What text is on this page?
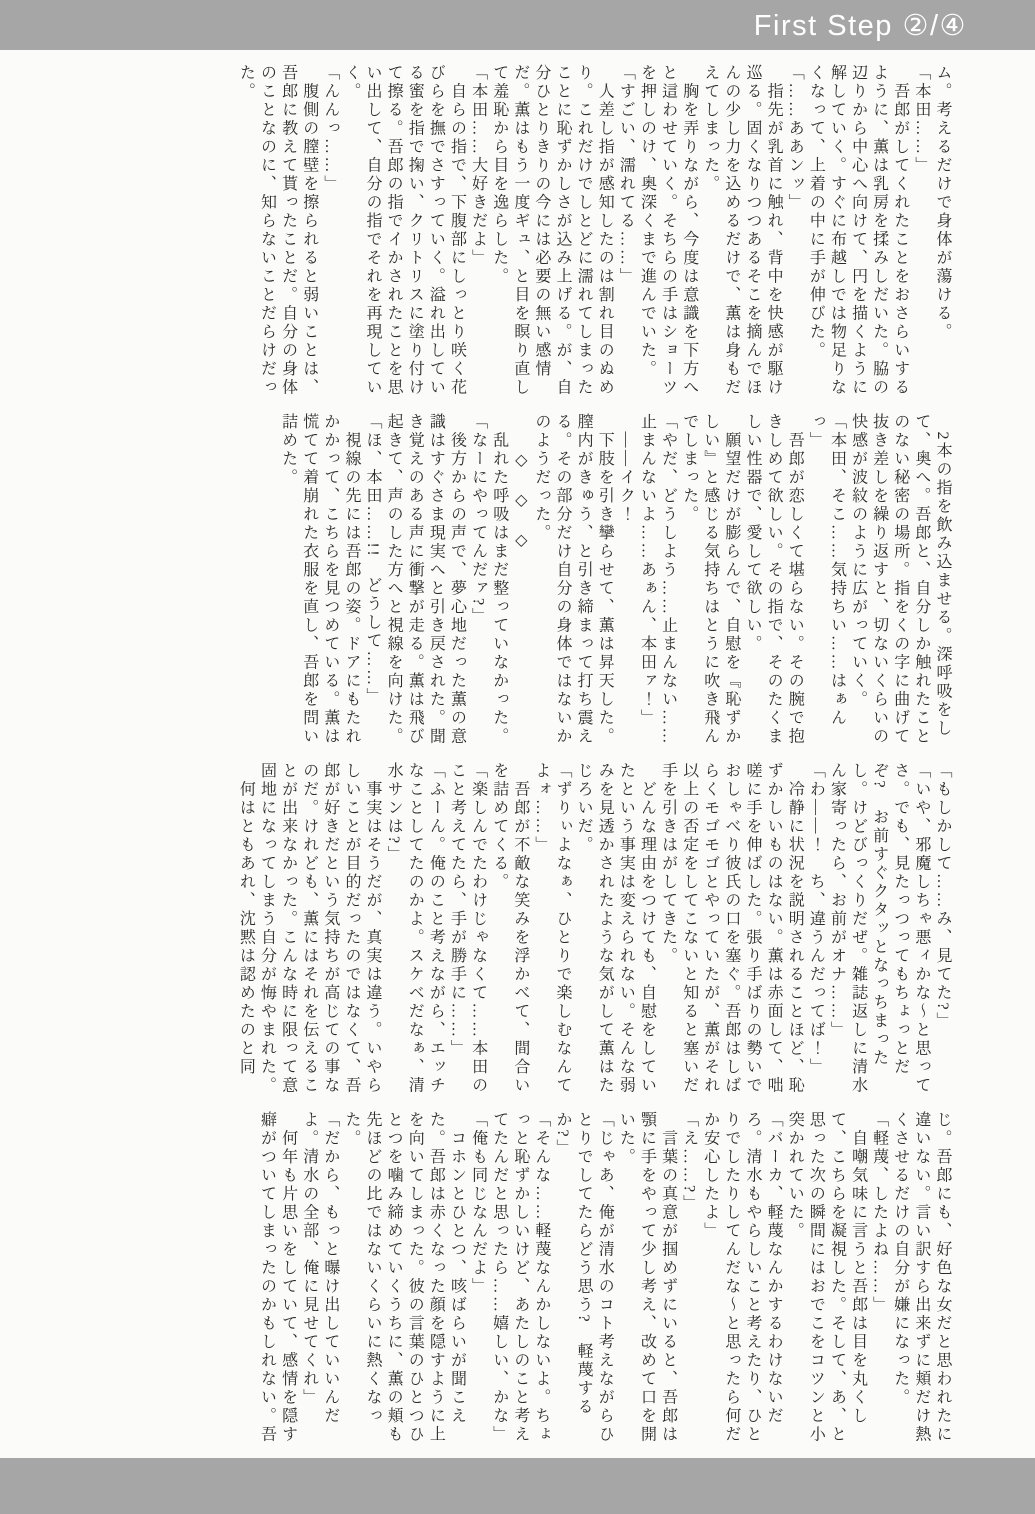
First Step ②/④

ム。考えるだけで身体が蕩ける。

「本田……」

　吾郎がしてくれたことをおさらいするように、薫は乳房を揉みしだいた。脇の辺りから中心へ向けて、円を描くように解していく。すぐに布越しでは物足りなくなって、上着の中に手が伸びた。

「……ああンッ」

　指先が乳首に触れ、背中を快感が駆け巡る。固くなりつつあるそこを摘んでほんの少し力を込めるだけで、薫は身もだえてしまった。

　胸を弄りながら、今度は意識を下方へと這わせていく。そちらの手はショーツを押しのけ、奥深くまで進んでいた。

「すごい、濡れてる……」

　人差し指が感知したのは割れ目のぬめり。これだけでしとどに濡れてしまったことに恥ずかしさが込み上げる。が、自分ひとりきりの今には必要の無い感情だ。薫はもう一度ギュ、と目を瞑り直して羞恥から目を逸らした。

「本田……大好きだよ」

　自らの指で、下腹部にしっとり咲く花びらを撫でさすっていく。溢れ出している蜜を指で掬い、クリトリスに塗り付けて擦る。吾郎の指でイかされたことを思い出して、自分の指でそれを再現していく。

「んんっ……」

　腹側の膣壁を擦られると弱いことは、吾郎に教えて貰ったことだ。自分の身体のことなのに、知らないことだらけだった。

　2本の指を飲み込ませる。深呼吸をして、奥へ。吾郎と、自分しか触れたことのない秘密の場所。指をくの字に曲げて抜き差しを繰り返すと、切ないくらいの快感が波紋のように広がっていく。

「本田、そこ……気持ちい……はぁんっ」

　吾郎が恋しくて堪らない。その腕で抱きしめて欲しい。その指で、そのたくましい性器で、愛して欲しい。

　願望だけが膨らんで、自慰を『恥ずかしい』と感じる気持ちはとうに吹き飛んでしまった。

「やだ、どうしよう……止まんない……止まんないよ……あぁん、本田ァ！」

　――イク！

　下肢を引き攣らせて、薫は昇天した。膣内がきゅう、と引き締まって打ち震える。その部分だけ自分の身体ではないかのようだった。

　　◇　◇　◇

　乱れた呼吸はまだ整っていなかった。

「なーにやってんだァ?」

　後方からの声で、夢心地だった薫の意識はすぐさま現実へと引き戻された。聞き覚えのある声に衝撃が走る。薫は飛び起きて、声のした方へと視線を向けた。

「ほ、本田……!!　どうして……」

　視線の先には吾郎の姿。ドアにもたれかかって、こちらを見つめている。薫は慌てて着崩れた衣服を直し、吾郎を問い詰めた。

「もしかして……み、見てた?」

「いや、邪魔しちゃ悪ィかな～と思ってさ。でも、見たっつってもちょっとだぞ?　お前すぐクタッとなっちまったし。けどびっくりだぜ。雑誌返しに清水ん家寄ったら、お前がオナ……」

「わ――！　ち、違うんだってば！」

　冷静に状況を説明されることほど、恥ずかしいものはない。薫は赤面して、咄嗟に手を伸ばした。張り手ばりの勢いでおしゃべり彼氏の口を塞ぐ。吾郎はしばらくモゴモゴとやっていたが、薫がそれ以上の否定をしてこないと知ると塞いだ手を引きはがしてきた。

　どんな理由をつけても、自慰をしていたという事実は変えられない。そんな弱みを見透かされたような気がして薫はたじろいだ。

「ずりぃよなぁ、ひとりで楽しむなんてよォ……」

　吾郎が不敵な笑みを浮かべて、間合いを詰めてくる。

「楽しんでたわけじゃなくて……本田のこと考えてたら、手が勝手に……」

「ふーん。俺のこと考えながら、エッチなことしてたのかよ。スケベだなぁ、清水サンは?」

　事実はそうだが、真実は違う。いやらしいことが目的だったのではなくて、吾郎が好きだという気持ちが高じての事なのだ。けれども、薫にはそれを伝えることが出来なかった。こんな時に限って意固地になってしまう自分が悔やまれた。

　何はともあれ、沈黙は認めたのと同

じ。吾郎にも、好色な女だと思われたに違いない。言い訳すら出来ずに頬だけ熱くさせるだけの自分が嫌になった。

「軽蔑、したよね……」

　自嘲気味に言うと吾郎は目を丸くして、こちらを凝視した。そして、あ、と思った次の瞬間にはおでこをコツンと小突かれていた。

「バーカ、軽蔑なんかするわけないだろ。清水もやらしいこと考えたり、ひとりでしたりしてんだな～と思ったら何だか安心したよ」

「え……?」

　言葉の真意が掴めずにいると、吾郎は顎に手をやって少し考え、改めて口を開いた。

「じゃあ、俺が清水のコト考えながらひとりでしてたらどう思う?　軽蔑するか?」

「そんな……軽蔑なんかしないよ。ちょっと恥ずかしいけど、あたしのこと考えてたんだと思ったら……嬉しい、かな」

「俺も同じなんだよ」

　コホンとひとつ、咳ばらいが聞こえた。吾郎は赤くなった顔を隠すように上を向いてしまった。彼の言葉のひとつひとつを噛み締めていくうちに、薫の頬も先ほどの比ではないくらいに熱くなった。

「だから、もっと曝け出していいんだよ。清水の全部、俺に見せてくれ」

　何年も片思いをしていて、感情を隠す癖がついてしまったのかもしれない。吾
